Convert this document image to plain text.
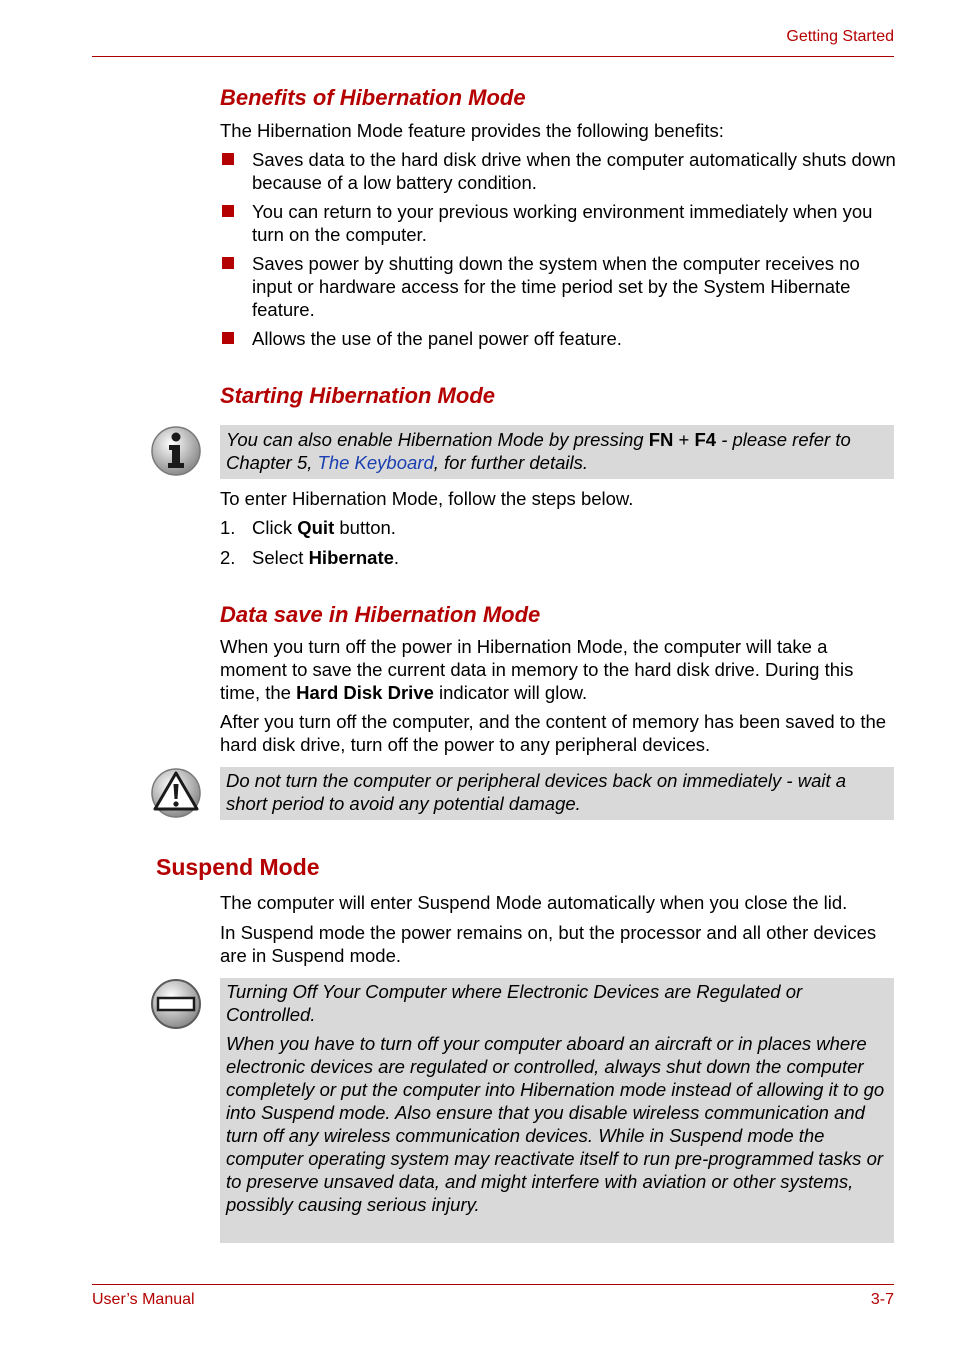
Getting Started
Benefits of Hibernation Mode
The Hibernation Mode feature provides the following benefits:
Saves data to the hard disk drive when the computer automatically shuts down because of a low battery condition.
You can return to your previous working environment immediately when you turn on the computer.
Saves power by shutting down the system when the computer receives no input or hardware access for the time period set by the System Hibernate feature.
Allows the use of the panel power off feature.
Starting Hibernation Mode
You can also enable Hibernation Mode by pressing FN + F4 - please refer to Chapter 5, The Keyboard, for further details.
To enter Hibernation Mode, follow the steps below.
1. Click Quit button.
2. Select Hibernate.
Data save in Hibernation Mode
When you turn off the power in Hibernation Mode, the computer will take a moment to save the current data in memory to the hard disk drive. During this time, the Hard Disk Drive indicator will glow.
After you turn off the computer, and the content of memory has been saved to the hard disk drive, turn off the power to any peripheral devices.
Do not turn the computer or peripheral devices back on immediately - wait a short period to avoid any potential damage.
Suspend Mode
The computer will enter Suspend Mode automatically when you close the lid.
In Suspend mode the power remains on, but the processor and all other devices are in Suspend mode.
Turning Off Your Computer where Electronic Devices are Regulated or Controlled.
When you have to turn off your computer aboard an aircraft or in places where electronic devices are regulated or controlled, always shut down the computer completely or put the computer into Hibernation mode instead of allowing it to go into Suspend mode. Also ensure that you disable wireless communication and turn off any wireless communication devices. While in Suspend mode the computer operating system may reactivate itself to run pre-programmed tasks or to preserve unsaved data, and might interfere with aviation or other systems, possibly causing serious injury.
User’s Manual	3-7
